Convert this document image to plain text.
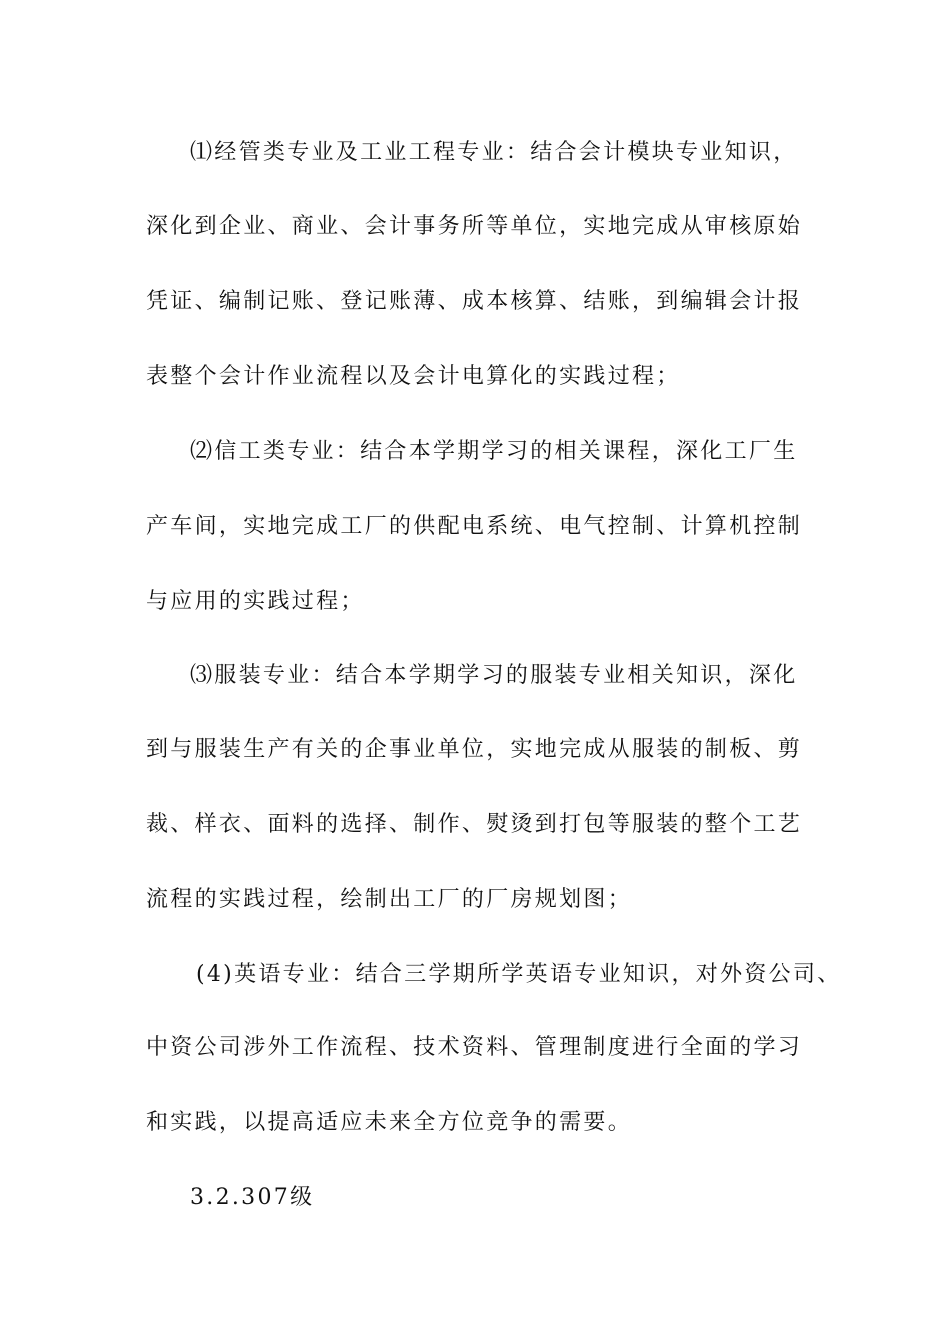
⑴经管类专业及工业工程专业：结合会计模块专业知识，
深化到企业、商业、会计事务所等单位，实地完成从审核原始
凭证、编制记账、登记账薄、成本核算、结账，到编辑会计报
表整个会计作业流程以及会计电算化的实践过程；
⑵信工类专业：结合本学期学习的相关课程，深化工厂生
产车间，实地完成工厂的供配电系统、电气控制、计算机控制
与应用的实践过程；
⑶服装专业：结合本学期学习的服装专业相关知识，深化
到与服装生产有关的企事业单位，实地完成从服装的制板、剪
裁、样衣、面料的选择、制作、熨烫到打包等服装的整个工艺
流程的实践过程，绘制出工厂的厂房规划图；
(4)英语专业：结合三学期所学英语专业知识，对外资公司、
中资公司涉外工作流程、技术资料、管理制度进行全面的学习
和实践，以提高适应未来全方位竞争的需要。
3.2.307级
